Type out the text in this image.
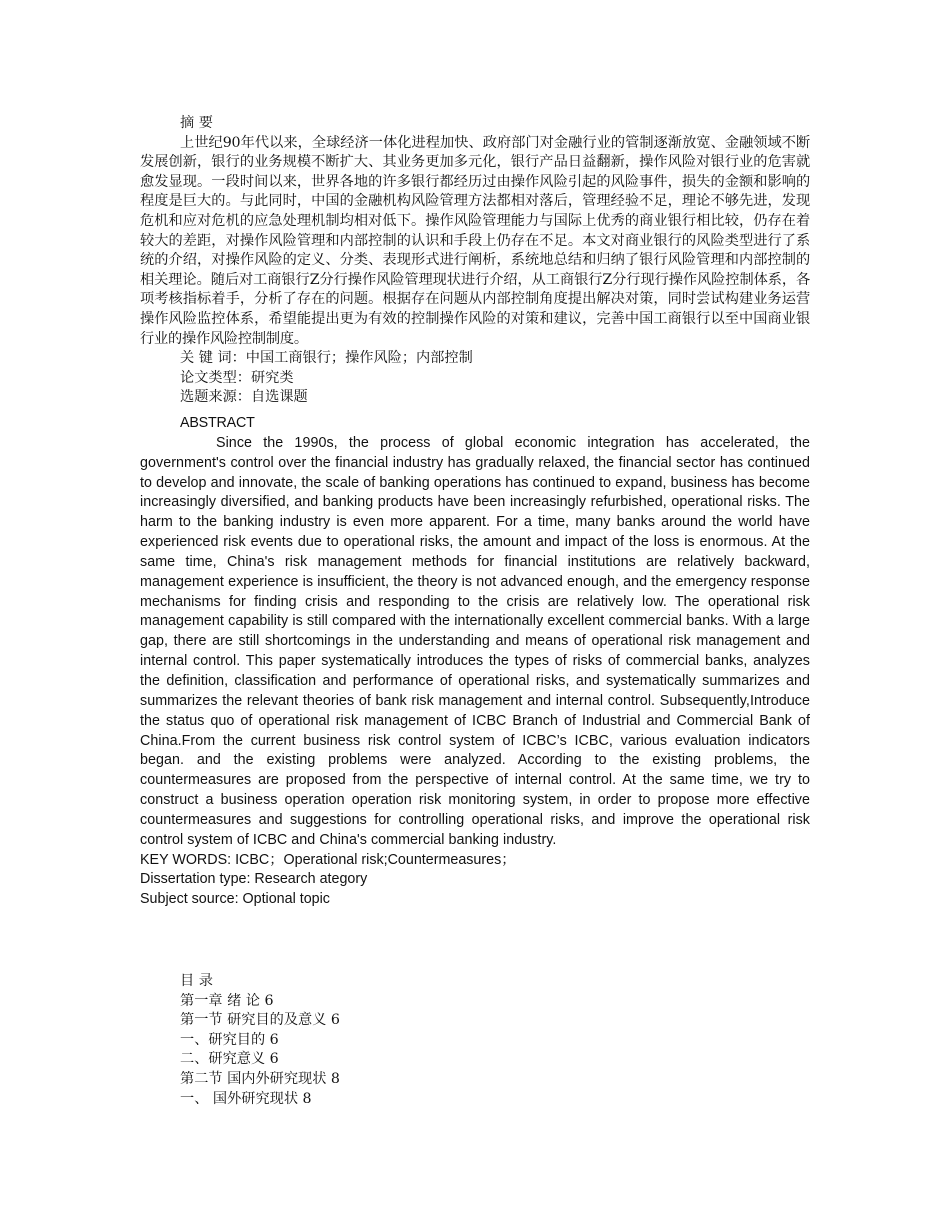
摘 要

上世纪90年代以来，全球经济一体化进程加快、政府部门对金融行业的管制逐渐放宽、金融领域不断发展创新，银行的业务规模不断扩大、其业务更加多元化，银行产品日益翻新，操作风险对银行业的危害就愈发显现。一段时间以来，世界各地的许多银行都经历过由操作风险引起的风险事件，损失的金额和影响的程度是巨大的。与此同时，中国的金融机构风险管理方法都相对落后，管理经验不足，理论不够先进，发现危机和应对危机的应急处理机制均相对低下。操作风险管理能力与国际上优秀的商业银行相比较，仍存在着较大的差距，对操作风险管理和内部控制的认识和手段上仍存在不足。本文对商业银行的风险类型进行了系统的介绍，对操作风险的定义、分类、表现形式进行阐析，系统地总结和归纳了银行风险管理和内部控制的相关理论。随后对工商银行Z分行操作风险管理现状进行介绍，从工商银行Z分行现行操作风险控制体系，各项考核指标着手，分析了存在的问题。根据存在问题从内部控制角度提出解决对策，同时尝试构建业务运营操作风险监控体系，希望能提出更为有效的控制操作风险的对策和建议，完善中国工商银行以至中国商业银行业的操作风险控制制度。

关 键 词：中国工商银行；操作风险；内部控制

论文类型：研究类

选题来源：自选课题

ABSTRACT

Since the 1990s, the process of global economic integration has accelerated, the government's control over the financial industry has gradually relaxed, the financial sector has continued to develop and innovate, the scale of banking operations has continued to expand, business has become increasingly diversified, and banking products have been increasingly refurbished, operational risks. The harm to the banking industry is even more apparent. For a time, many banks around the world have experienced risk events due to operational risks, the amount and impact of the loss is enormous. At the same time, China's risk management methods for financial institutions are relatively backward, management experience is insufficient, the theory is not advanced enough, and the emergency response mechanisms for finding crisis and responding to the crisis are relatively low. The operational risk management capability is still compared with the internationally excellent commercial banks. With a large gap, there are still shortcomings in the understanding and means of operational risk management and internal control. This paper systematically introduces the types of risks of commercial banks, analyzes the definition, classification and performance of operational risks, and systematically summarizes and summarizes the relevant theories of bank risk management and internal control. Subsequently,Introduce the status quo of operational risk management of ICBC Branch of Industrial and Commercial Bank of China.From the current business risk control system of ICBC’s ICBC, various evaluation indicators began. and the existing problems were analyzed. According to the existing problems, the countermeasures are proposed from the perspective of internal control. At the same time, we try to construct a business operation operation risk monitoring system, in order to propose more effective countermeasures and suggestions for controlling operational risks, and improve the operational risk control system of ICBC and China's commercial banking industry.

KEY WORDS: ICBC；Operational risk;Countermeasures；

Dissertation type: Research ategory

Subject source: Optional topic

目 录

第一章 绪 论 6

第一节 研究目的及意义 6

一、研究目的 6

二、研究意义 6

第二节 国内外研究现状 8

一、 国外研究现状 8
